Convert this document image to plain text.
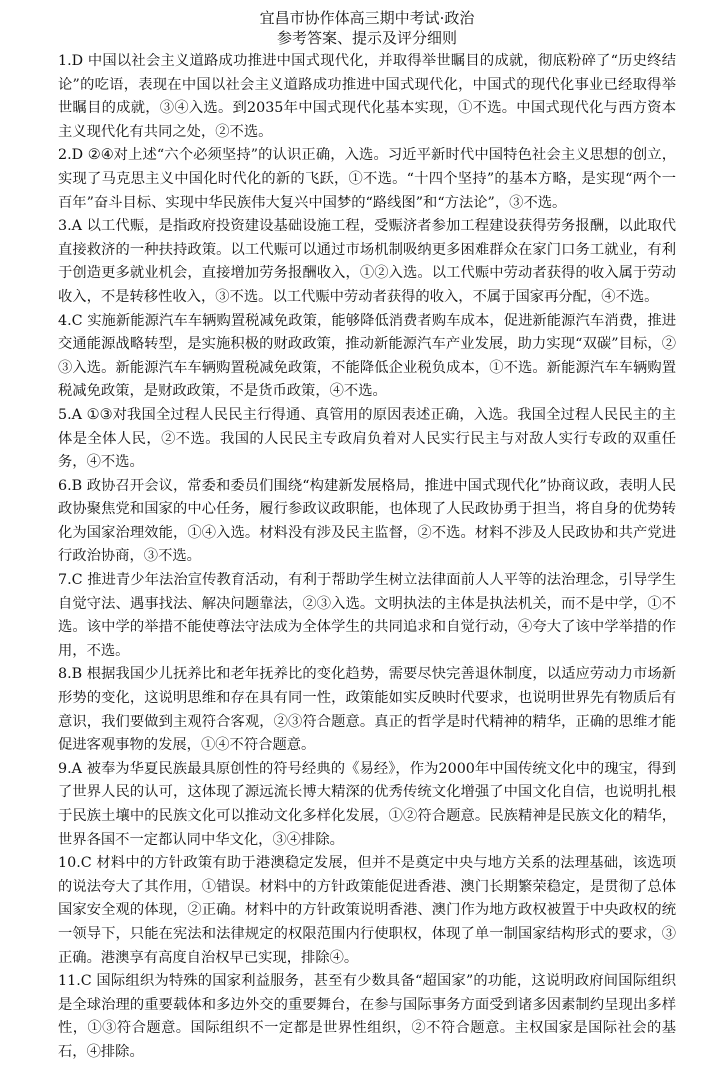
宜昌市协作体高三期中考试·政治
参考答案、提示及评分细则

1.D 中国以社会主义道路成功推进中国式现代化，并取得举世瞩目的成就，彻底粉碎了“历史终结论”的吃语，表现在中国以社会主义道路成功推进中国式现代化，中国式的现代化事业已经取得举世瞩目的成就，③④入选。到2035年中国式现代化基本实现，①不选。中国式现代化与西方资本主义现代化有共同之处，②不选。

2.D ②④对上述“六个必须坚持”的认识正确，入选。习近平新时代中国特色社会主义思想的创立，实现了马克思主义中国化时代化的新的飞跃，①不选。“十四个坚持”的基本方略，是实现“两个一百年”奋斗目标、实现中华民族伟大复兴中国梦的“路线图”和“方法论”，③不选。

3.A 以工代赈，是指政府投资建设基础设施工程，受赈济者参加工程建设获得劳务报酬，以此取代直接救济的一种扶持政策。以工代赈可以通过市场机制吸纳更多困难群众在家门口务工就业，有利于创造更多就业机会，直接增加劳务报酬收入，①②入选。以工代赈中劳动者获得的收入属于劳动收入，不是转移性收入，③不选。以工代赈中劳动者获得的收入，不属于国家再分配，④不选。

4.C 实施新能源汽车车辆购置税减免政策，能够降低消费者购车成本，促进新能源汽车消费，推进交通能源战略转型，是实施积极的财政政策，推动新能源汽车产业发展，助力实现“双碳”目标，②③入选。新能源汽车车辆购置税减免政策，不能降低企业税负成本，①不选。新能源汽车车辆购置税减免政策，是财政政策，不是货币政策，④不选。

5.A ①③对我国全过程人民民主行得通、真管用的原因表述正确，入选。我国全过程人民民主的主体是全体人民，②不选。我国的人民民主专政肩负着对人民实行民主与对敌人实行专政的双重任务，④不选。

6.B 政协召开会议，常委和委员们围绕“构建新发展格局，推进中国式现代化”协商议政，表明人民政协聚焦党和国家的中心任务，履行参政议政职能，也体现了人民政协勇于担当，将自身的优势转化为国家治理效能，①④入选。材料没有涉及民主监督，②不选。材料不涉及人民政协和共产党进行政治协商，③不选。

7.C 推进青少年法治宣传教育活动，有利于帮助学生树立法律面前人人平等的法治理念，引导学生自觉守法、遇事找法、解决问题靠法，②③入选。文明执法的主体是执法机关，而不是中学，①不选。该中学的举措不能使尊法守法成为全体学生的共同追求和自觉行动，④夸大了该中学举措的作用，不选。

8.B 根据我国少儿抚养比和老年抚养比的变化趋势，需要尽快完善退休制度，以适应劳动力市场新形势的变化，这说明思维和存在具有同一性，政策能如实反映时代要求，也说明世界先有物质后有意识，我们要做到主观符合客观，②③符合题意。真正的哲学是时代精神的精华，正确的思维才能促进客观事物的发展，①④不符合题意。

9.A 被奉为华夏民族最具原创性的符号经典的《易经》，作为2000年中国传统文化中的瑰宝，得到了世界人民的认可，这体现了源远流长博大精深的优秀传统文化增强了中国文化自信，也说明扎根于民族土壤中的民族文化可以推动文化多样化发展，①②符合题意。民族精神是民族文化的精华，世界各国不一定都认同中华文化，③④排除。

10.C 材料中的方针政策有助于港澳稳定发展，但并不是奠定中央与地方关系的法理基础，该选项的说法夸大了其作用，①错误。材料中的方针政策能促进香港、澳门长期繁荣稳定，是贯彻了总体国家安全观的体现，②正确。材料中的方针政策说明香港、澳门作为地方政权被置于中央政权的统一领导下，只能在宪法和法律规定的权限范围内行使职权，体现了单一制国家结构形式的要求，③正确。港澳享有高度自治权早已实现，排除④。

11.C 国际组织为特殊的国家利益服务，甚至有少数具备“超国家”的功能，这说明政府间国际组织是全球治理的重要载体和多边外交的重要舞台，在参与国际事务方面受到诸多因素制约呈现出多样性，①③符合题意。国际组织不一定都是世界性组织，②不符合题意。主权国家是国际社会的基石，④排除。
